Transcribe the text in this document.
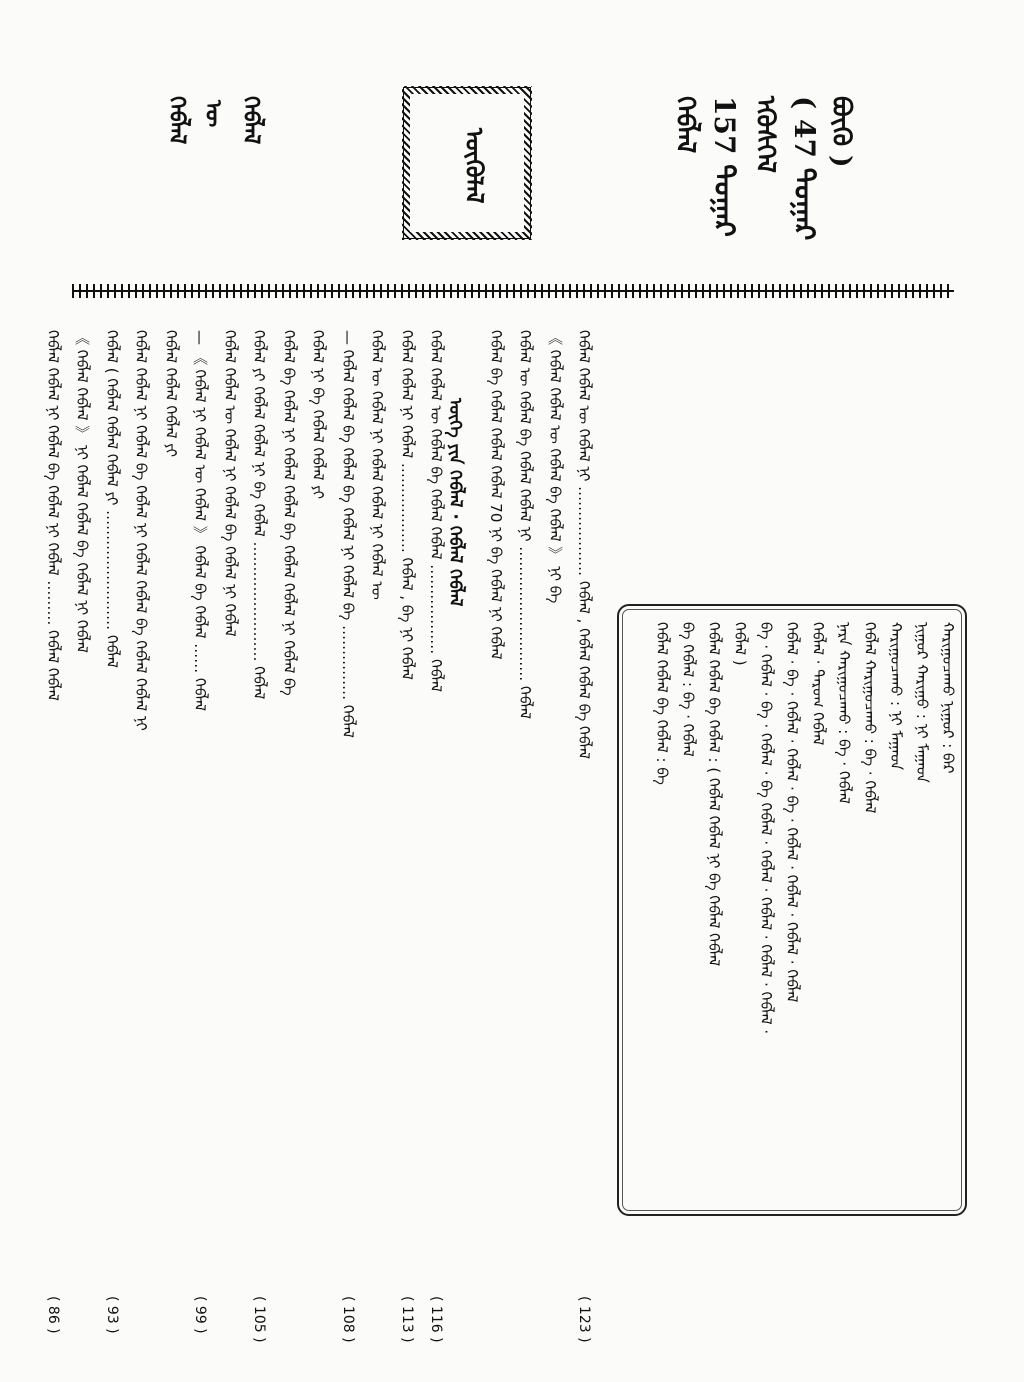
ᠪᠦᠬᠦ )
( 47 ᠳᠤᠭᠠᠷ
ᠡᠭᠦᠰᠭᠡᠯ
157 ᠳᠤᠭᠠᠷ
ᠬᠡᠪᠯᠡᠯ
ᠬᠡᠪᠯᠡᠯ
ᠦ
ᠬᠡᠪᠯᠡᠯ
ᠦᠭᠦᠯᠡᠯ
ᠬᠠᠷᠢᠭᠤᠴᠠᠬᠤ ᠨᠢᠭᠤᠷ : ᠪᠠᠷ
ᠨᠢᠭᠤᠷ ᠬᠠᠷᠢᠭᠤ : ᠨᠢ ᠮᠠᠭᠠᠳ
ᠬᠠᠷᠢᠭᠤᠴᠠᠬᠤ : ᠨᠢ ᠮᠠᠭᠠᠳ
ᠬᠡᠪᠯᠡᠯ ᠬᠠᠷᠢᠭᠤᠴᠠᠬᠤ : ᠪᠠ · ᠬᠡᠪᠯᠡᠯ
ᠨᠡᠷᠡ ᠬᠠᠷᠢᠭᠤᠴᠠᠬᠤ : ᠪᠠ · ᠬᠡᠪᠯᠡᠯ
ᠬᠡᠪᠯᠡᠯ · ᠳᠠᠷᠤᠭ ᠬᠡᠪᠯᠡᠯ
ᠬᠡᠪᠯᠡᠯ · ᠪᠠ · ᠬᠡᠪᠯᠡᠯ · ᠬᠡᠪᠯᠡᠯ · ᠪᠠ · ᠬᠡᠪᠯᠡᠯ · ᠬᠡᠪᠯᠡᠯ · ᠬᠡᠪᠯᠡᠯ · ᠬᠡᠪᠯᠡᠯ
ᠪᠠ · ᠬᠡᠪᠯᠡᠯ · ᠪᠠ · ᠬᠡᠪᠯᠡᠯ · ᠪᠠ ᠬᠡᠪᠯᠡᠯ · ᠬᠡᠪᠯᠡᠯ · ᠬᠡᠪᠯᠡᠯ · ᠬᠡᠪᠯᠡᠯ · ᠬᠡᠪᠯᠡᠯ ·
ᠬᠡᠪᠯᠡᠯ )
ᠬᠡᠪᠯᠡᠯ ᠬᠡᠪᠯᠡᠯ ᠪᠠ ᠬᠡᠪᠯᠡᠯ : ( ᠬᠡᠪᠯᠡᠯ ᠬᠡᠪᠯᠡᠯ ᠨᠢ ᠪᠠ ᠬᠡᠪᠯᠡᠯ ᠬᠡᠪᠯᠡᠯ
ᠪᠠ ᠬᠡᠪᠯᠡᠯ : ᠪᠠ · ᠬᠡᠪᠯᠡᠯ
ᠬᠡᠪᠯᠡᠯ ᠬᠡᠪᠯᠡᠯ ᠪᠠ ᠬᠡᠪᠯᠡᠯ : ᠪᠠ
ᠦᠭᠡ ᠶᠢᠨ ᠬᠡᠪᠯᠡᠯ · ᠬᠡᠪᠯᠡᠯ ᠬᠡᠪᠯᠡᠯ	ᠬᠡᠪᠯᠡᠯ ᠬᠡᠪᠯᠡᠯ ᠦ ᠬᠡᠪᠯᠡᠯ ᠨᠢ ……………… ᠬᠡᠪᠯᠡᠯ , ᠬᠡᠪᠯᠡᠯ ᠬᠡᠪᠯᠡᠯ ᠪᠠ ᠬᠡᠪᠯᠡᠯ
( 123 )
《 ᠬᠡᠪᠯᠡᠯ ᠬᠡᠪᠯᠡᠯ ᠦ ᠬᠡᠪᠯᠡᠯ ᠪᠠ ᠬᠡᠪᠯᠡᠯ 》 ᠨᠢ ᠪᠠ
ᠬᠡᠪᠯᠡᠯ ᠦ ᠬᠡᠪᠯᠡᠯ ᠪᠠ ᠬᠡᠪᠯᠡᠯ ᠬᠡᠪᠯᠡᠯ ᠨᠢ ……………………… ᠬᠡᠪᠯᠡᠯ
ᠬᠡᠪᠯᠡᠯ ᠪᠠ ᠬᠡᠪᠯᠡᠯ ᠬᠡᠪᠯᠡᠯ ᠬᠡᠪᠯᠡᠯ 70 ᠨᠢ ᠪᠠ ᠬᠡᠪᠯᠡᠯ ᠨᠢ ᠬᠡᠪᠯᠡᠯ
ᠬᠡᠪᠯᠡᠯ ᠬᠡᠪᠯᠡᠯ ᠦ ᠬᠡᠪᠯᠡᠯ ᠪᠠ ᠬᠡᠪᠯᠡᠯ ᠬᠡᠪᠯᠡᠯ ……………… ᠬᠡᠪᠯᠡᠯ
( 116 )
ᠬᠡᠪᠯᠡᠯ ᠬᠡᠪᠯᠡᠯ ᠨᠢ ᠬᠡᠪᠯᠡᠯ ……………… ᠬᠡᠪᠯᠡᠯ , ᠪᠠ ᠨᠢ ᠬᠡᠪᠯᠡᠯ
( 113 )
ᠬᠡᠪᠯᠡᠯ ᠦ ᠬᠡᠪᠯᠡᠯ ᠨᠢ ᠬᠡᠪᠯᠡᠯ ᠬᠡᠪᠯᠡᠯ ᠨᠢ ᠬᠡᠪᠯᠡᠯ ᠦ
— ᠬᠡᠪᠯᠡᠯ ᠬᠡᠪᠯᠡᠯ ᠪᠠ ᠬᠡᠪᠯᠡᠯ ᠪᠠ ᠬᠡᠪᠯᠡᠯ ᠨᠢ ᠬᠡᠪᠯᠡᠯ ᠪᠠ …………… ᠬᠡᠪᠯᠡᠯ
( 108 )
ᠬᠡᠪᠯᠡᠯ ᠨᠢ ᠪᠠ ᠬᠡᠪᠯᠡᠯ ᠬᠡᠪᠯᠡᠯ ᠶᠢ
ᠬᠡᠪᠯᠡᠯ ᠪᠠ ᠬᠡᠪᠯᠡᠯ ᠨᠢ ᠬᠡᠪᠯᠡᠯ ᠬᠡᠪᠯᠡᠯ ᠪᠠ ᠬᠡᠪᠯᠡᠯ ᠬᠡᠪᠯᠡᠯ ᠨᠢ ᠬᠡᠪᠯᠡᠯ ᠪᠠ
ᠬᠡᠪᠯᠡᠯ ᠶᠢ ᠬᠡᠪᠯᠡᠯ ᠬᠡᠪᠯᠡᠯ ᠨᠢ ᠪᠠ ᠬᠡᠪᠯᠡᠯ …………………… ᠬᠡᠪᠯᠡᠯ
( 105 )
ᠬᠡᠪᠯᠡᠯ ᠬᠡᠪᠯᠡᠯ ᠦ ᠬᠡᠪᠯᠡᠯ ᠨᠢ ᠬᠡᠪᠯᠡᠯ ᠪᠠ ᠬᠡᠪᠯᠡᠯ ᠨᠢ ᠬᠡᠪᠯᠡᠯ
— 《 ᠬᠡᠪᠯᠡᠯ ᠨᠢ ᠬᠡᠪᠯᠡᠯ ᠦ ᠬᠡᠪᠯᠡᠯ 》 ᠬᠡᠪᠯᠡᠯ ᠪᠠ ᠬᠡᠪᠯᠡᠯ …… ᠬᠡᠪᠯᠡᠯ
( 99 )
ᠬᠡᠪᠯᠡᠯ ᠬᠡᠪᠯᠡᠯ ᠬᠡᠪᠯᠡᠯ ᠶᠢ
ᠬᠡᠪᠯᠡᠯ ᠬᠡᠪᠯᠡᠯ ᠨᠢ ᠬᠡᠪᠯᠡᠯ ᠪᠠ ᠬᠡᠪᠯᠡᠯ ᠨᠢ ᠬᠡᠪᠯᠡᠯ ᠬᠡᠪᠯᠡᠯ ᠪᠠ ᠬᠡᠪᠯᠡᠯ ᠬᠡᠪᠯᠡᠯ ᠨᠢ
ᠬᠡᠪᠯᠡᠯ ( ᠬᠡᠪᠯᠡᠯ ᠬᠡᠪᠯᠡᠯ ᠬᠡᠪᠯᠡᠯ ᠶᠢ …………………… ᠬᠡᠪᠯᠡᠯ
( 93 )
《 ᠬᠡᠪᠯᠡᠯ ᠬᠡᠪᠯᠡᠯ 》 ᠨᠢ ᠬᠡᠪᠯᠡᠯ ᠬᠡᠪᠯᠡᠯ ᠪᠠ ᠬᠡᠪᠯᠡᠯ ᠨᠢ ᠬᠡᠪᠯᠡᠯ
ᠬᠡᠪᠯᠡᠯ ᠬᠡᠪᠯᠡᠯ ᠨᠢ ᠬᠡᠪᠯᠡᠯ ᠪᠠ ᠬᠡᠪᠯᠡᠯ ᠨᠢ ᠬᠡᠪᠯᠡᠯ ……… ᠬᠡᠪᠯᠡᠯ ᠬᠡᠪᠯᠡᠯ
( 86 )
